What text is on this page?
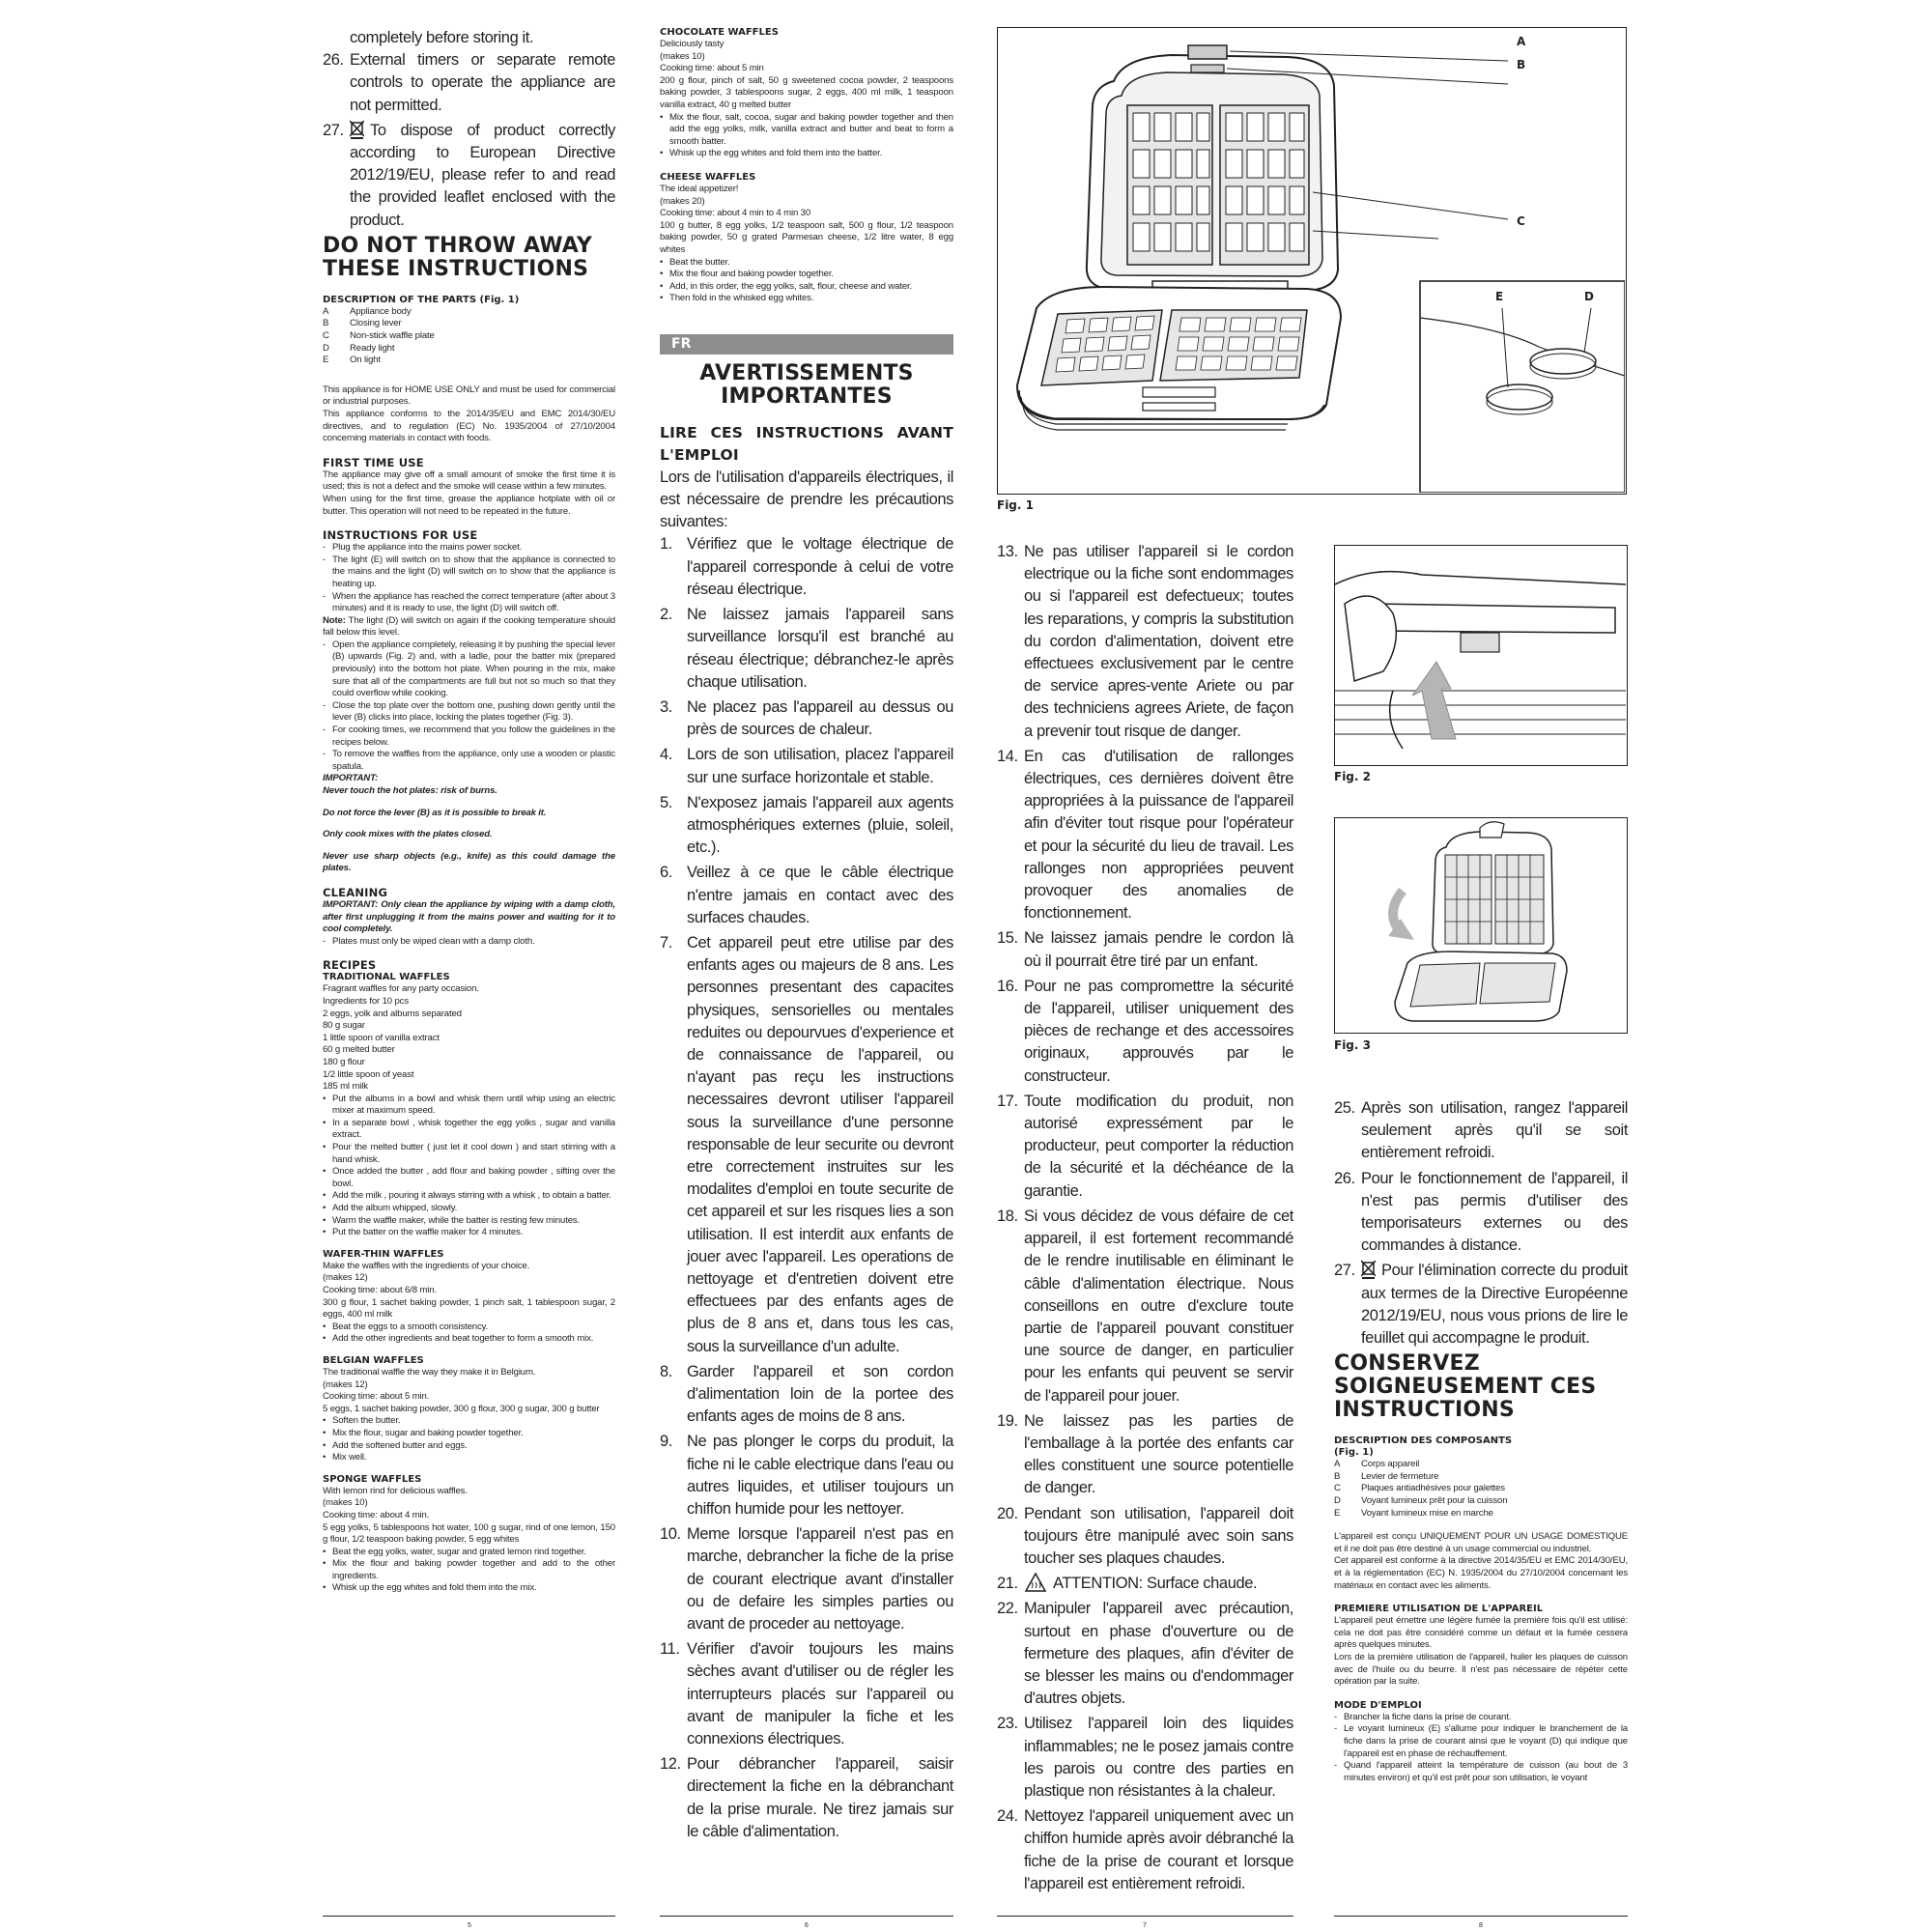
completely before storing it.
26. External timers or separate remote controls to operate the appliance are not permitted.
27.	To dispose of product correctly according to European Directive 2012/19/EU, please refer to and read the provided leaflet enclosed with the product.
DO NOT THROW AWAY
THESE INSTRUCTIONS
DESCRIPTION OF THE PARTS (Fig. 1)
A	Appliance body
B	Closing lever
C	Non-stick waffle plate
D	Ready light
E	On light
This appliance is for HOME USE ONLY and must be used for commercial or industrial purposes.
This appliance conforms to the 2014/35/EU and EMC 2014/30/EU directives, and to regulation (EC) No. 1935/2004 of 27/10/2004 concerning materials in contact with foods.
FIRST TIME USE
The appliance may give off a small amount of smoke the first time it is used; this is not a defect and the smoke will cease within a few minutes.
When using for the first time, grease the appliance hotplate with oil or butter. This operation will not need to be repeated in the future.
INSTRUCTIONS FOR USE
- Plug the appliance into the mains power socket.
- The light (E) will switch on to show that the appliance is connected to the mains and the light (D) will switch on to show that the appliance is heating up.
- When the appliance has reached the correct temperature (after about 3 minutes) and it is ready to use, the light (D) will switch off.
Note: The light (D) will switch on again if the cooking temperature should fall below this level.
- Open the appliance completely, releasing it by pushing the special lever (B) upwards (Fig. 2) and, with a ladle, pour the batter mix (prepared previously) into the bottom hot plate. When pouring in the mix, make sure that all of the compartments are full but not so much so that they could overflow while cooking.
- Close the top plate over the bottom one, pushing down gently until the lever (B) clicks into place, locking the plates together (Fig. 3).
- For cooking times, we recommend that you follow the guidelines in the recipes below.
- To remove the waffles from the appliance, only use a wooden or plastic spatula.
IMPORTANT:
Never touch the hot plates: risk of burns.
Do not force the lever (B) as it is possible to break it.
Only cook mixes with the plates closed.
Never use sharp objects (e.g., knife) as this could damage the plates.
CLEANING
IMPORTANT: Only clean the appliance by wiping with a damp cloth, after first unplugging it from the mains power and waiting for it to cool completely.
- Plates must only be wiped clean with a damp cloth.
RECIPES
TRADITIONAL WAFFLES
Fragrant waffles for any party occasion.
Ingredients for 10 pcs
2 eggs, yolk and albums separated
80 g sugar
1 little spoon of vanilla extract
60 g melted butter
180 g flour
1/2 little spoon of yeast
185 ml milk
• Put the albums in a bowl and whisk them until whip using an electric mixer at maximum speed.
• In a separate bowl , whisk together the egg yolks , sugar and vanilla extract.
• Pour the melted butter ( just let it cool down ) and start stirring with a hand whisk.
• Once added the butter , add flour and baking powder , sifting over the bowl.
• Add the milk , pouring it always stirring with a whisk , to obtain a batter.
• Add the album whipped, slowly.
• Warm the waffle maker, while the batter is resting few minutes.
• Put the batter on the waffle maker for 4 minutes.
WAFER-THIN WAFFLES
Make the waffles with the ingredients of your choice.
(makes 12)
Cooking time: about 6/8 min.
300 g flour, 1 sachet baking powder, 1 pinch salt, 1 tablespoon sugar, 2 eggs, 400 ml milk
• Beat the eggs to a smooth consistency.
• Add the other ingredients and beat together to form a smooth mix.
BELGIAN WAFFLES
The traditional waffle the way they make it in Belgium.
(makes 12)
Cooking time: about 5 min.
5 eggs, 1 sachet baking powder, 300 g flour, 300 g sugar, 300 g butter
• Soften the butter.
• Mix the flour, sugar and baking powder together.
• Add the softened butter and eggs.
• Mix well.
SPONGE WAFFLES
With lemon rind for delicious waffles.
(makes 10)
Cooking time: about 4 min.
5 egg yolks, 5 tablespoons hot water, 100 g sugar, rind of one lemon, 150 g flour, 1/2 teaspoon baking powder, 5 egg whites
• Beat the egg yolks, water, sugar and grated lemon rind together.
• Mix the flour and baking powder together and add to the other ingredients.
• Whisk up the egg whites and fold them into the mix.
CHOCOLATE WAFFLES
Deliciously tasty
(makes 10)
Cooking time: about 5 min
200 g flour, pinch of salt, 50 g sweetened cocoa powder, 2 teaspoons baking powder, 3 tablespoons sugar, 2 eggs, 400 ml milk, 1 teaspoon vanilla extract, 40 g melted butter
• Mix the flour, salt, cocoa, sugar and baking powder together and then add the egg yolks, milk, vanilla extract and butter and beat to form a smooth batter.
• Whisk up the egg whites and fold them into the batter.
CHEESE WAFFLES
The ideal appetizer!
(makes 20)
Cooking time: about 4 min to 4 min 30
100 g butter, 8 egg yolks, 1/2 teaspoon salt, 500 g flour, 1/2 teaspoon baking powder, 50 g grated Parmesan cheese, 1/2 litre water, 8 egg whites
• Beat the butter.
• Mix the flour and baking powder together.
• Add, in this order, the egg yolks, salt, flour, cheese and water.
• Then fold in the whisked egg whites.
FR
AVERTISSEMENTS
IMPORTANTES
LIRE CES INSTRUCTIONS AVANT L'EMPLOI
Lors de l'utilisation d'appareils électriques, il est nécessaire de prendre les précautions suivantes:
1. Vérifiez que le voltage électrique de l'appareil corresponde à celui de votre réseau électrique.
2. Ne laissez jamais l'appareil sans surveillance lorsqu'il est branché au réseau électrique; débranchez-le après chaque utilisation.
3. Ne placez pas l'appareil au dessus ou près de sources de chaleur.
4. Lors de son utilisation, placez l'appareil sur une surface horizontale et stable.
5. N'exposez jamais l'appareil aux agents atmosphériques externes (pluie, soleil, etc.).
6. Veillez à ce que le câble électrique n'entre jamais en contact avec des surfaces chaudes.
7. Cet appareil peut etre utilise par des enfants ages ou majeurs de 8 ans. Les personnes presentant des capacites physiques, sensorielles ou mentales reduites ou depourvues d'experience et de connaissance de l'appareil, ou n'ayant pas reçu les instructions necessaires devront utiliser l'appareil sous la surveillance d'une personne responsable de leur securite ou devront etre correctement instruites sur les modalites d'emploi en toute securite de cet appareil et sur les risques lies a son utilisation. Il est interdit aux enfants de jouer avec l'appareil. Les operations de nettoyage et d'entretien doivent etre effectuees par des enfants ages de plus de 8 ans et, dans tous les cas, sous la surveillance d'un adulte.
8. Garder l'appareil et son cordon d'alimentation loin de la portee des enfants ages de moins de 8 ans.
9. Ne pas plonger le corps du produit, la fiche ni le cable electrique dans l'eau ou autres liquides, et utiliser toujours un chiffon humide pour les nettoyer.
10. Meme lorsque l'appareil n'est pas en marche, debrancher la fiche de la prise de courant electrique avant d'installer ou de defaire les simples parties ou avant de proceder au nettoyage.
11. Vérifier d'avoir toujours les mains sèches avant d'utiliser ou de régler les interrupteurs placés sur l'appareil ou avant de manipuler la fiche et les connexions électriques.
12. Pour débrancher l'appareil, saisir directement la fiche en la débranchant de la prise murale. Ne tirez jamais sur le câble d'alimentation.
A
B
C
D
E
Fig. 1
13. Ne pas utiliser l'appareil si le cordon electrique ou la fiche sont endommages ou si l'appareil est defectueux; toutes les reparations, y compris la substitution du cordon d'alimentation, doivent etre effectuees exclusivement par le centre de service apres-vente Ariete ou par des techniciens agrees Ariete, de façon a prevenir tout risque de danger.
14. En cas d'utilisation de rallonges électriques, ces dernières doivent être appropriées à la puissance de l'appareil afin d'éviter tout risque pour l'opérateur et pour la sécurité du lieu de travail. Les rallonges non appropriées peuvent provoquer des anomalies de fonctionnement.
15. Ne laissez jamais pendre le cordon là où il pourrait être tiré par un enfant.
16. Pour ne pas compromettre la sécurité de l'appareil, utiliser uniquement des pièces de rechange et des accessoires originaux, approuvés par le constructeur.
17. Toute modification du produit, non autorisé expressément par le producteur, peut comporter la réduction de la sécurité et la déchéance de la garantie.
18. Si vous décidez de vous défaire de cet appareil, il est fortement recommandé de le rendre inutilisable en éliminant le câble d'alimentation électrique. Nous conseillons en outre d'exclure toute partie de l'appareil pouvant constituer une source de danger, en particulier pour les enfants qui peuvent se servir de l'appareil pour jouer.
19. Ne laissez pas les parties de l'emballage à la portée des enfants car elles constituent une source potentielle de danger.
20. Pendant son utilisation, l'appareil doit toujours être manipulé avec soin sans toucher ses plaques chaudes.
21.	ATTENTION: Surface chaude.
22. Manipuler l'appareil avec précaution, surtout en phase d'ouverture ou de fermeture des plaques, afin d'éviter de se blesser les mains ou d'endommager d'autres objets.
23. Utilisez l'appareil loin des liquides inflammables; ne le posez jamais contre les parois ou contre des parties en plastique non résistantes à la chaleur.
24. Nettoyez l'appareil uniquement avec un chiffon humide après avoir débranché la fiche de la prise de courant et lorsque l'appareil est entièrement refroidi.
Fig. 2
Fig. 3
25. Après son utilisation, rangez l'appareil seulement après qu'il se soit entièrement refroidi.
26. Pour le fonctionnement de l'appareil, il n'est pas permis d'utiliser des temporisateurs externes ou des commandes à distance.
27.	Pour l'élimination correcte du produit aux termes de la Directive Européenne 2012/19/EU, nous vous prions de lire le feuillet qui accompagne le produit.
CONSERVEZ
SOIGNEUSEMENT CES
INSTRUCTIONS
DESCRIPTION DES COMPOSANTS
(Fig. 1)
A	Corps appareil
B	Levier de fermeture
C	Plaques antiadhésives pour galettes
D	Voyant lumineux prêt pour la cuisson
E	Voyant lumineux mise en marche
L'appareil est conçu UNIQUEMENT POUR UN USAGE DOMESTIQUE et il ne doit pas être destiné à un usage commercial ou industriel.
Cet appareil est conforme à la directive 2014/35/EU et EMC 2014/30/EU, et à la réglementation (EC) N. 1935/2004 du 27/10/2004 concernant les matériaux en contact avec les aliments.
PREMIERE UTILISATION DE L'APPAREIL
L'appareil peut émettre une légère fumée la première fois qu'il est utilisé: cela ne doit pas être considéré comme un défaut et la fumée cessera après quelques minutes.
Lors de la première utilisation de l'appareil, huiler les plaques de cuisson avec de l'huile ou du beurre. Il n'est pas nécessaire de répéter cette opération par la suite.
MODE D'EMPLOI
- Brancher la fiche dans la prise de courant.
- Le voyant lumineux (E) s'allume pour indiquer le branchement de la fiche dans la prise de courant ainsi que le voyant (D) qui indique que l'appareil est en phase de réchauffement.
- Quand l'appareil atteint la température de cuisson (au bout de 3 minutes environ) et qu'il est prêt pour son utilisation, le voyant
5	6	7	8
